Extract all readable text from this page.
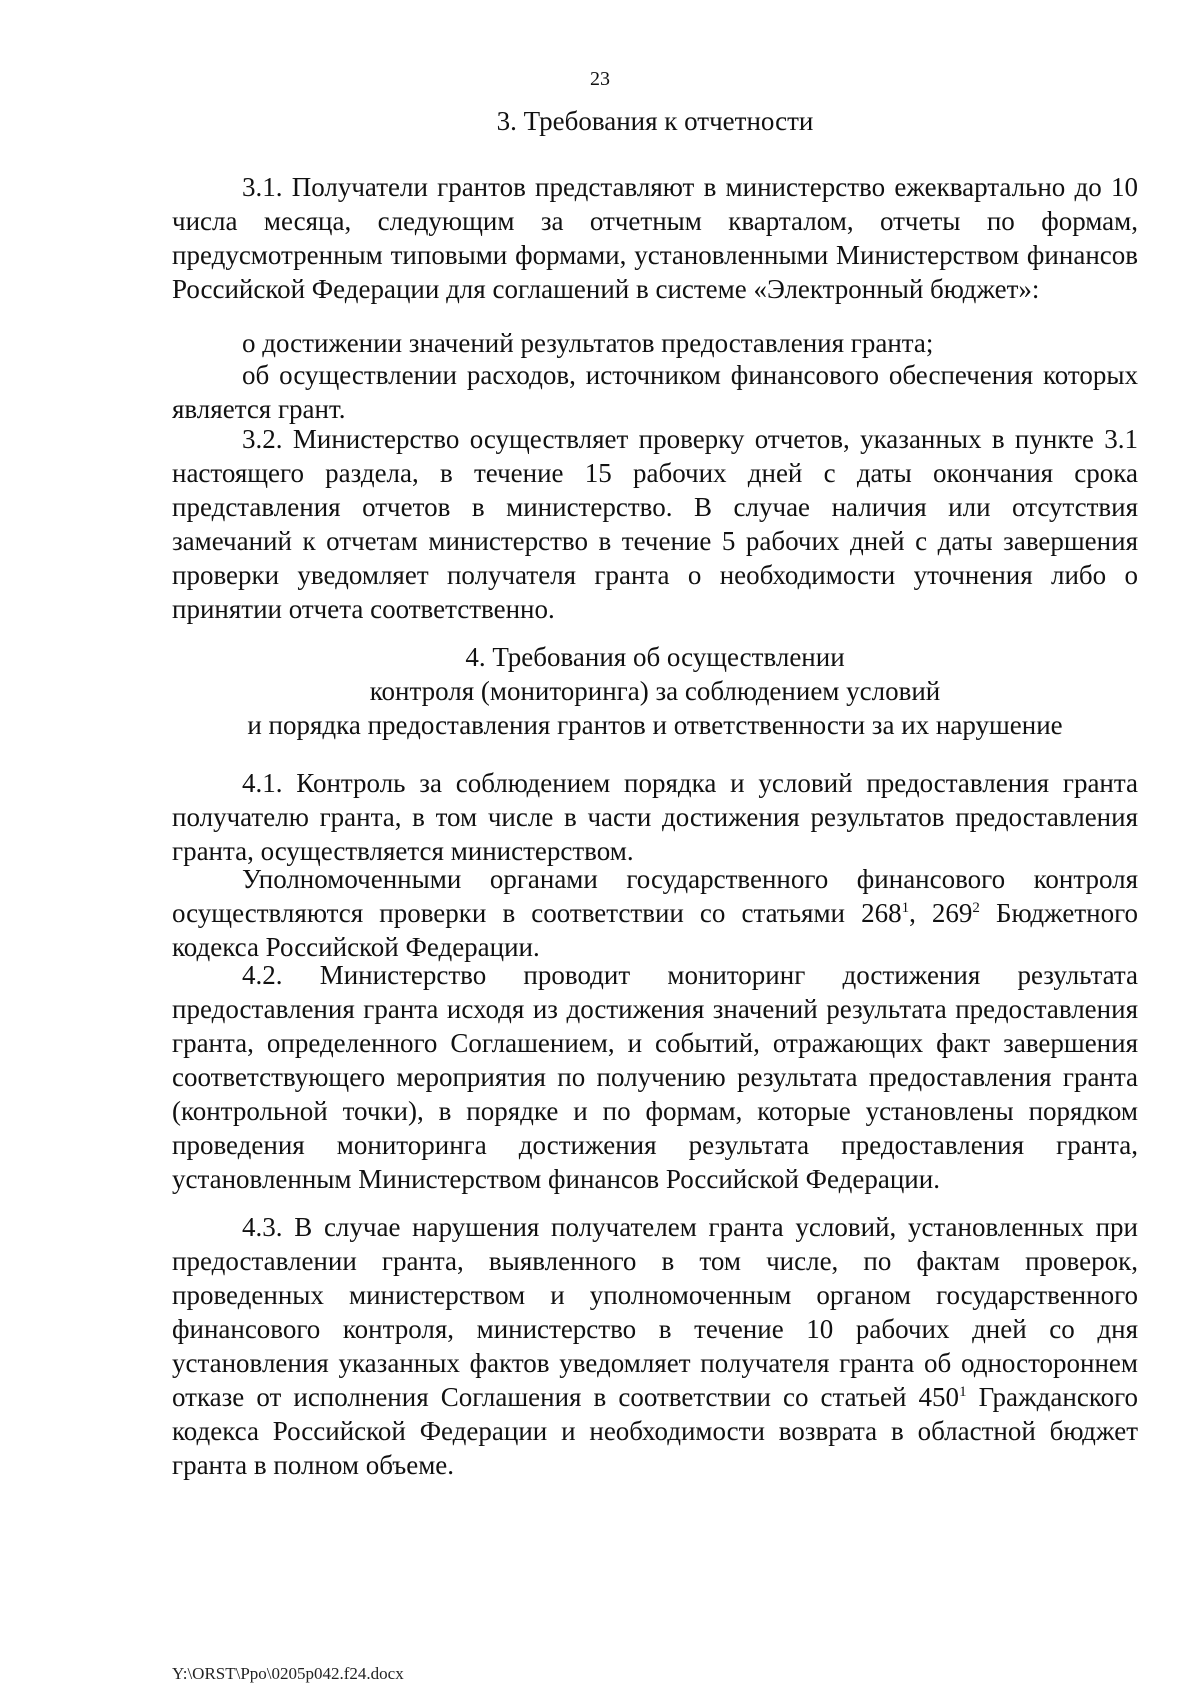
23
3. Требования к отчетности

3.1. Получатели грантов представляют в министерство ежеквартально до 10 числа месяца, следующим за отчетным кварталом, отчеты по формам, предусмотренным типовыми формами, установленными Министерством финансов Российской Федерации для соглашений в системе «Электронный бюджет»:

о достижении значений результатов предоставления гранта;

об осуществлении расходов, источником финансового обеспечения которых является грант.

3.2. Министерство осуществляет проверку отчетов, указанных в пункте 3.1 настоящего раздела, в течение 15 рабочих дней с даты окончания срока представления отчетов в министерство. В случае наличия или отсутствия замечаний к отчетам министерство в течение 5 рабочих дней с даты завершения проверки уведомляет получателя гранта о необходимости уточнения либо о принятии отчета соответственно.

4. Требования об осуществлении
контроля (мониторинга) за соблюдением условий
и порядка предоставления грантов и ответственности за их нарушение

4.1. Контроль за соблюдением порядка и условий предоставления гранта получателю гранта, в том числе в части достижения результатов предоставления гранта, осуществляется министерством.

Уполномоченными органами государственного финансового контроля осуществляются проверки в соответствии со статьями $268^1$, $269^2$ Бюджетного кодекса Российской Федерации.

4.2. Министерство проводит мониторинг достижения результата предоставления гранта исходя из достижения значений результата предоставления гранта, определенного Соглашением, и событий, отражающих факт завершения соответствующего мероприятия по получению результата предоставления гранта (контрольной точки), в порядке и по формам, которые установлены порядком проведения мониторинга достижения результата предоставления гранта, установленным Министерством финансов Российской Федерации.

4.3. В случае нарушения получателем гранта условий, установленных при предоставлении гранта, выявленного в том числе, по фактам проверок, проведенных министерством и уполномоченным органом государственного финансового контроля, министерство в течение 10 рабочих дней со дня установления указанных фактов уведомляет получателя гранта об одностороннем отказе от исполнения Соглашения в соответствии со статьей $450^1$ Гражданского кодекса Российской Федерации и необходимости возврата в областной бюджет гранта в полном объеме.

Y:\ORST\Ppo\0205p042.f24.docx
